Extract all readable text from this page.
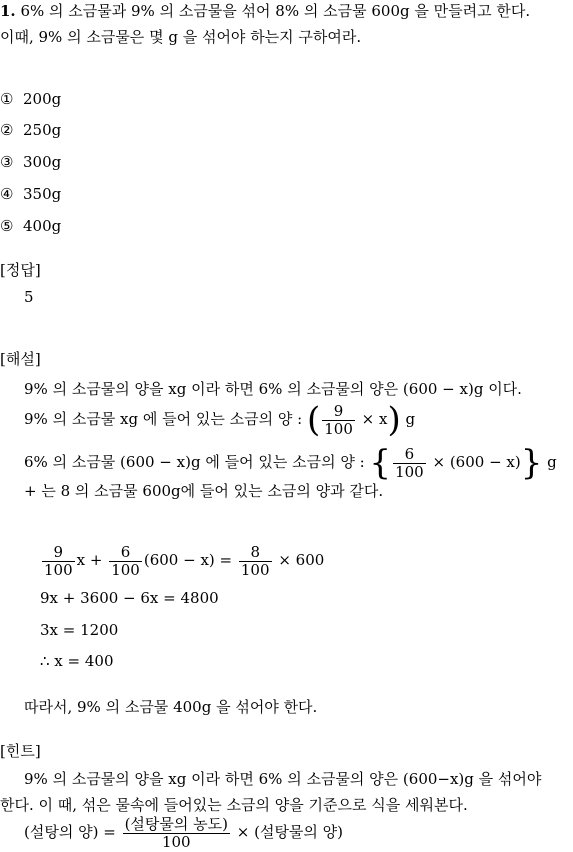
1. 6% 의 소금물과 9% 의 소금물을 섞어 8% 의 소금물 600g 을 만들려고 한다.
이때, 9% 의 소금물은 몇 g 을 섞어야 하는지 구하여라.
① 200g
② 250g
③ 300g
④ 350g
⑤ 400g
[정답]
5
[해설]
9% 의 소금물의 양을 xg 이라 하면 6% 의 소금물의 양은 (600 − x)g 이다.
9% 의 소금물 xg 에 들어 있는 소금의 양 : ( $\frac{9}{100} \times x$) g
6% 의 소금물 (600 − x)g 에 들어 있는 소금의 양 : { $\frac{6}{100} \times (600 - x)$} g
+ 는 8 의 소금물 600g에 들어 있는 소금의 양과 같다.
$\frac{9}{100}$ $x + \frac{6}{100} (600 - x) = \frac{8}{100} \times 600$
9x + 3600 − 6x = 4800
3x = 1200
∴ x = 400
따라서, 9% 의 소금물 400g 을 섞어야 한다.
[힌트]
9% 의 소금물의 양을 xg 이라 하면 6% 의 소금물의 양은 (600−x)g 을 섞어야
한다. 이 때, 섞은 물속에 들어있는 소금의 양을 기준으로 식을 세워본다.
(설탕의 양) = $\frac{\text{(설탕물의 농도)}}{100}$ × (설탕물의 양)
